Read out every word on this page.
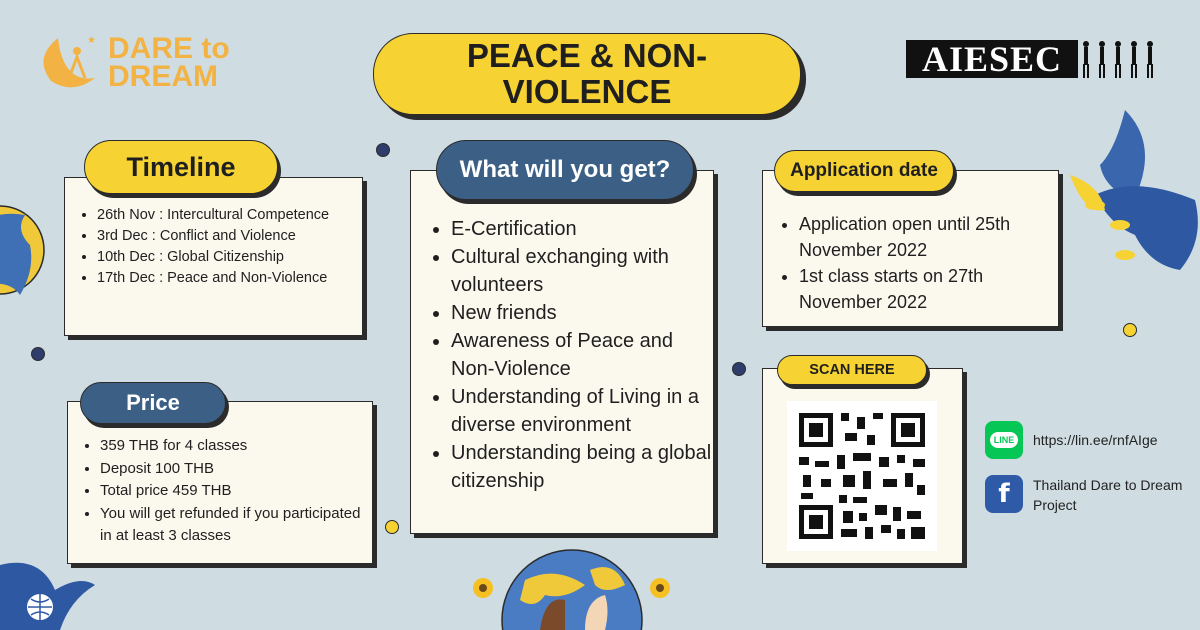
★ DARE to
DREAM
PEACE & NON-VIOLENCE
AIESEC
• 26th Nov : Intercultural Competence
• 3rd Dec : Conflict and Violence
• 10th Dec : Global Citizenship
• 17th Dec : Peace and Non-Violence
Timeline
• 359 THB for 4 classes
• Deposit 100 THB
• Total price 459 THB
• You will get refunded if you participated in at least 3 classes
Price
• E-Certification
• Cultural exchanging with volunteers
• New friends
• Awareness of Peace and Non-Violence
• Understanding of Living in a diverse environment
• Understanding being a global citizenship
What will you get?
• Application open until 25th November 2022
• 1st class starts on 27th November 2022
Application date
SCAN HERE
LINE https://lin.ee/rnfAIge
f Thailand Dare to Dream Project
